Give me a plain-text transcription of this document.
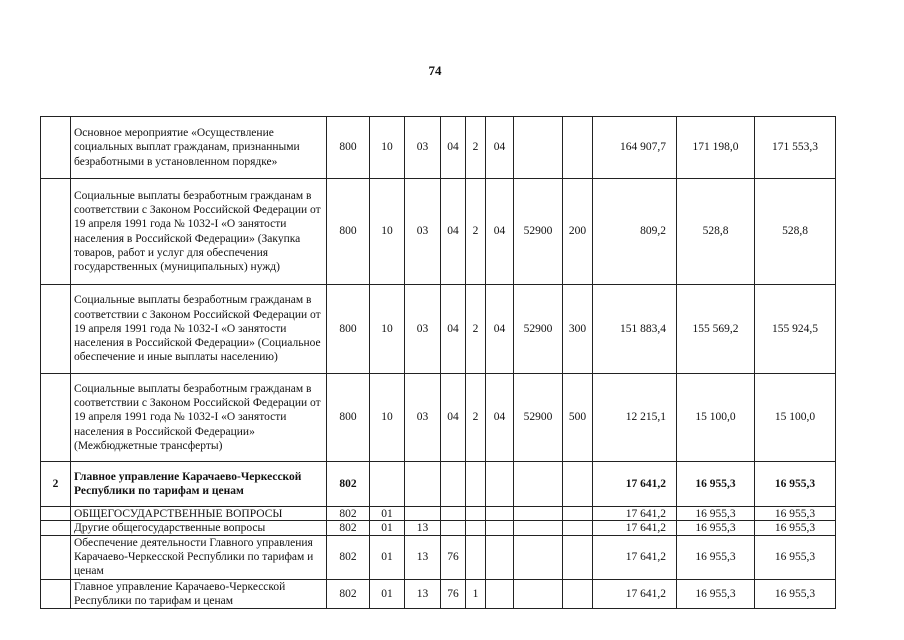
74
	Основное мероприятие «Осуществление социальных выплат гражданам, признанными безработными в установленном порядке»	800	10	03	04	2	04			164 907,7	171 198,0	171 553,3
	Социальные выплаты безработным гражданам в соответствии с Законом Российской Федерации от 19 апреля 1991 года № 1032-I «О занятости населения в Российской Федерации» (Закупка товаров, работ и услуг для обеспечения государственных (муниципальных) нужд)	800	10	03	04	2	04	52900	200	809,2	528,8	528,8
	Социальные выплаты безработным гражданам в соответствии с Законом Российской Федерации от 19 апреля 1991 года № 1032-I «О занятости населения в Российской Федерации» (Социальное обеспечение и иные выплаты населению)	800	10	03	04	2	04	52900	300	151 883,4	155 569,2	155 924,5
	Социальные выплаты безработным гражданам в соответствии с Законом Российской Федерации от 19 апреля 1991 года № 1032-I «О занятости населения в Российской Федерации» (Межбюджетные трансферты)	800	10	03	04	2	04	52900	500	12 215,1	15 100,0	15 100,0
2	Главное управление Карачаево-Черкесской Республики по тарифам и ценам	802								17 641,2	16 955,3	16 955,3
	ОБЩЕГОСУДАРСТВЕННЫЕ ВОПРОСЫ	802	01							17 641,2	16 955,3	16 955,3
	Другие общегосударственные вопросы	802	01	13						17 641,2	16 955,3	16 955,3
	Обеспечение деятельности Главного управления Карачаево-Черкесской Республики по тарифам и ценам	802	01	13	76					17 641,2	16 955,3	16 955,3
	Главное управление Карачаево-Черкесской Республики по тарифам и ценам	802	01	13	76	1				17 641,2	16 955,3	16 955,3
